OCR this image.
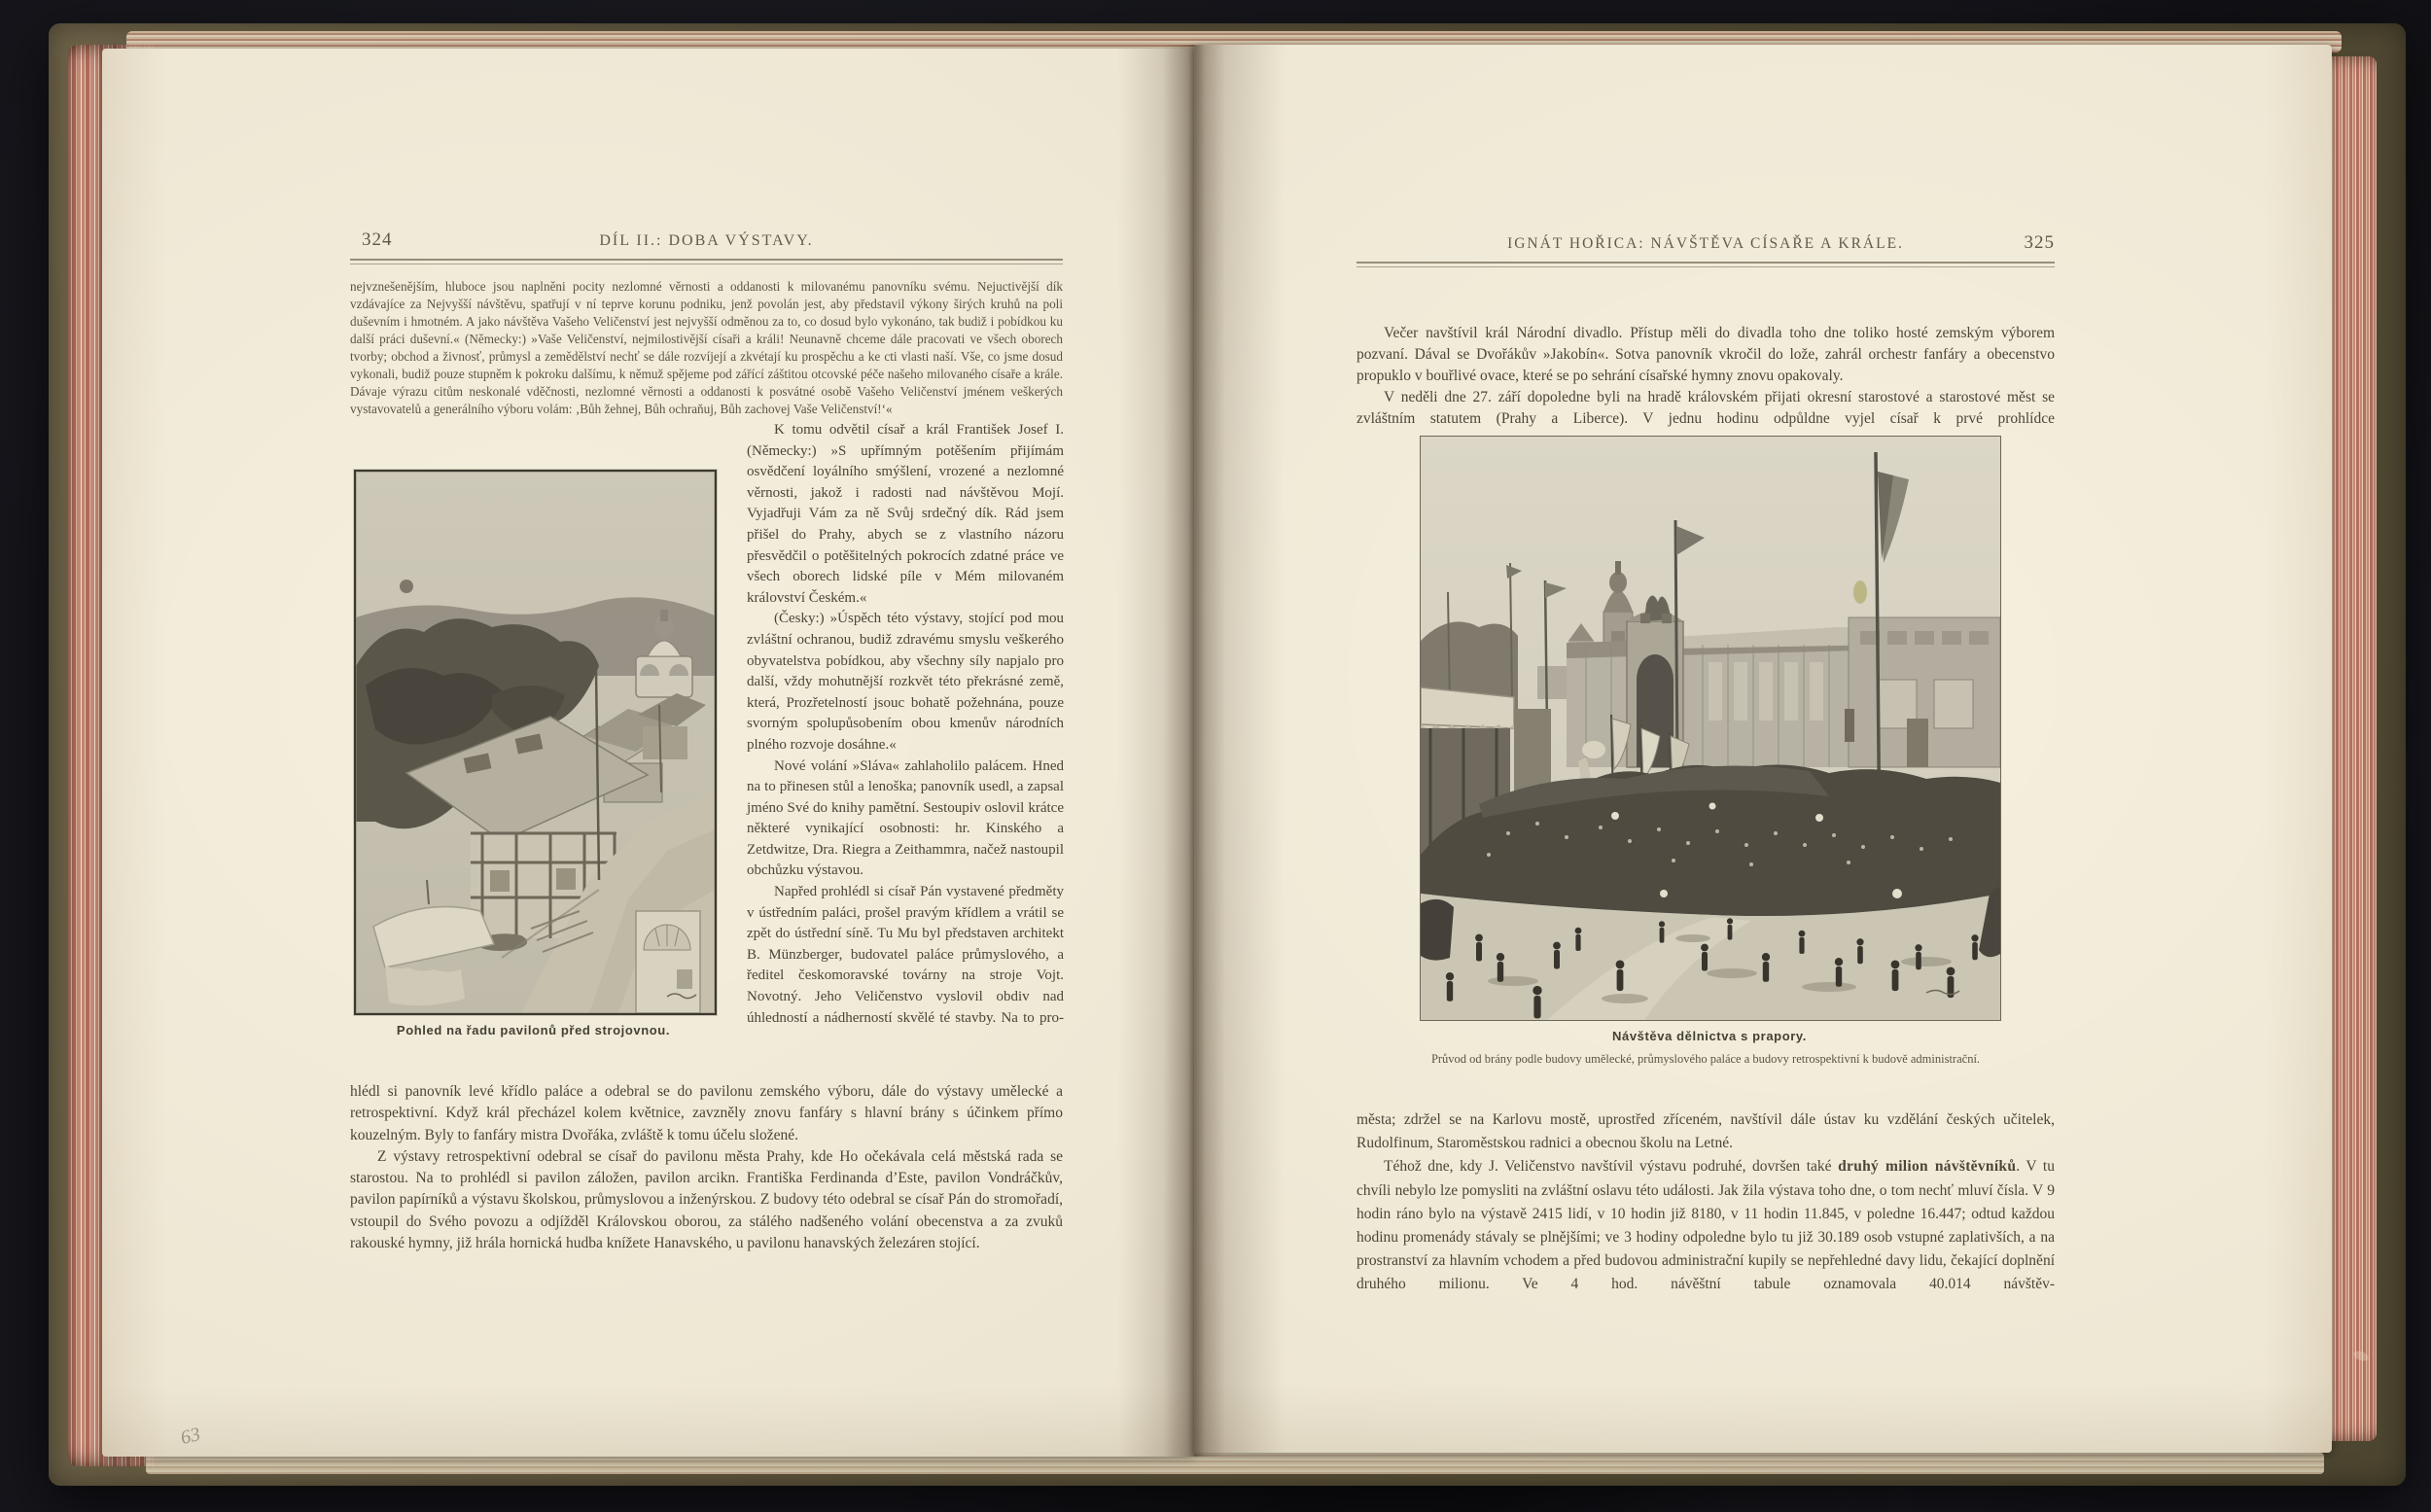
324	DÍL II.: DOBA VÝSTAVY.
nejvznešenějším, hluboce jsou naplněni pocity nezlomné věrnosti a oddanosti k milovanému panovníku svému. Nejuctivější dík vzdávajíce za Nejvyšší návštěvu, spatřují v ní teprve korunu podniku, jenž povolán jest, aby představil výkony širých kruhů na poli duševním i hmotném. A jako návštěva Vašeho Veličenství jest nejvyšší odměnou za to, co dosud bylo vykonáno, tak budiž i pobídkou ku další práci duševní.« (Německy:) »Vaše Veličenství, nejmilostivější císaři a králi! Neunavně chceme dále pracovati ve všech oborech tvorby; obchod a živnosť, průmysl a zemědělství nechť se dále rozvíjejí a zkvétají ku prospěchu a ke cti vlasti naší. Vše, co jsme dosud vykonali, budiž pouze stupněm k pokroku dalšímu, k němuž spějeme pod zářící záštitou otcovské péče našeho milovaného císaře a krále. Dávaje výrazu citům neskonalé vděčnosti, nezlomné věrnosti a oddanosti k posvátné osobě Vašeho Veličenství jménem veškerých vystavovatelů a generálního výboru volám: ‚Bůh žehnej, Bůh ochraňuj, Bůh zachovej Vaše Veličenství!‘«
Pohled na řadu pavilonů před strojovnou.

K tomu odvětil císař a král František Josef I. (Německy:) »S upřímným potěšením přijímám osvědčení loyálního smýšlení, vrozené a nezlomné věrnosti, jakož i radosti nad návštěvou Mojí. Vyjadřuji Vám za ně Svůj srdečný dík. Rád jsem přišel do Prahy, abych se z vlastního názoru přesvědčil o potěšitelných pokrocích zdatné práce ve všech oborech lidské píle v Mém milovaném království Českém.«

(Česky:) »Úspěch této výstavy, stojící pod mou zvláštní ochranou, budiž zdravému smyslu veškerého obyvatelstva pobídkou, aby všechny síly napjalo pro další, vždy mohutnější rozkvět této překrásné země, která, Prozřetelností jsouc bohatě požehnána, pouze svorným spolupůsobením obou kmenův národních plného rozvoje dosáhne.«

Nové volání »Sláva« zahlaholilo palácem. Hned na to přinesen stůl a lenoška; panovník usedl, a zapsal jméno Své do knihy pamětní. Sestoupiv oslovil krátce některé vynikající osobnosti: hr. Kinského a Zetdwitze, Dra. Riegra a Zeithammra, načež nastoupil obchůzku výstavou.

Napřed prohlédl si císař Pán vystavené předměty v ústředním paláci, prošel pravým křídlem a vrátil se zpět do ústřední síně. Tu Mu byl představen architekt B. Münzberger, budovatel paláce průmyslového, a ředitel českomoravské továrny na stroje Vojt. Novotný. Jeho Veličenstvo vyslovil obdiv nad úhledností a nádherností skvělé té stavby. Na to pro-

hlédl si panovník levé křídlo paláce a odebral se do pavilonu zemského výboru, dále do výstavy umělecké a retrospektivní. Když král přecházel kolem květnice, zavzněly znovu fanfáry s hlavní brány s účinkem přímo kouzelným. Byly to fanfáry mistra Dvořáka, zvláště k tomu účelu složené.

Z výstavy retrospektivní odebral se císař do pavilonu města Prahy, kde Ho očekávala celá městská rada se starostou. Na to prohlédl si pavilon záložen, pavilon arcikn. Františka Ferdinanda d’Este, pavilon Vondráčkův, pavilon papírníků a výstavu školskou, průmyslovou a inženýrskou. Z budovy této odebral se císař Pán do stromořadí, vstoupil do Svého povozu a odjížděl Královskou oborou, za stálého nadšeného volání obecenstva a za zvuků rakouské hymny, již hrála hornická hudba knížete Hanavského, u pavilonu hanavských železáren stojící.

IGNÁT HOŘICA: NÁVŠTĚVA CÍSAŘE A KRÁLE.	325

Večer navštívil král Národní divadlo. Přístup měli do divadla toho dne toliko hosté zemským výborem pozvaní. Dával se Dvořákův »Jakobín«. Sotva panovník vkročil do lože, zahrál orchestr fanfáry a obecenstvo propuklo v bouřlivé ovace, které se po sehrání císařské hymny znovu opakovaly.

V neděli dne 27. září dopoledne byli na hradě královském přijati okresní starostové a starostové měst se zvláštním statutem (Prahy a Liberce). V jednu hodinu odpůldne vyjel císař k prvé prohlídce

Návštěva dělnictva s prapory.
Průvod od brány podle budovy umělecké, průmyslového paláce a budovy retrospektivní k budově administrační.

města; zdržel se na Karlovu mostě, uprostřed zříceném, navštívil dále ústav ku vzdělání českých učitelek, Rudolfinum, Staroměstskou radnici a obecnou školu na Letné.

Téhož dne, kdy J. Veličenstvo navštívil výstavu podruhé, dovršen také druhý milion návštěvníků. V tu chvíli nebylo lze pomysliti na zvláštní oslavu této události. Jak žila výstava toho dne, o tom nechť mluví čísla. V 9 hodin ráno bylo na výstavě 2415 lidí, v 10 hodin již 8180, v 11 hodin 11.845, v poledne 16.447; odtud každou hodinu promenády stávaly se plnějšími; ve 3 hodiny odpoledne bylo tu již 30.189 osob vstupné zaplativších, a na prostranství za hlavním vchodem a před budovou administrační kupily se nepřehledné davy lidu, čekající doplnění druhého milionu. Ve 4 hod. návěštní tabule oznamovala 40.014 návštěv-

63
